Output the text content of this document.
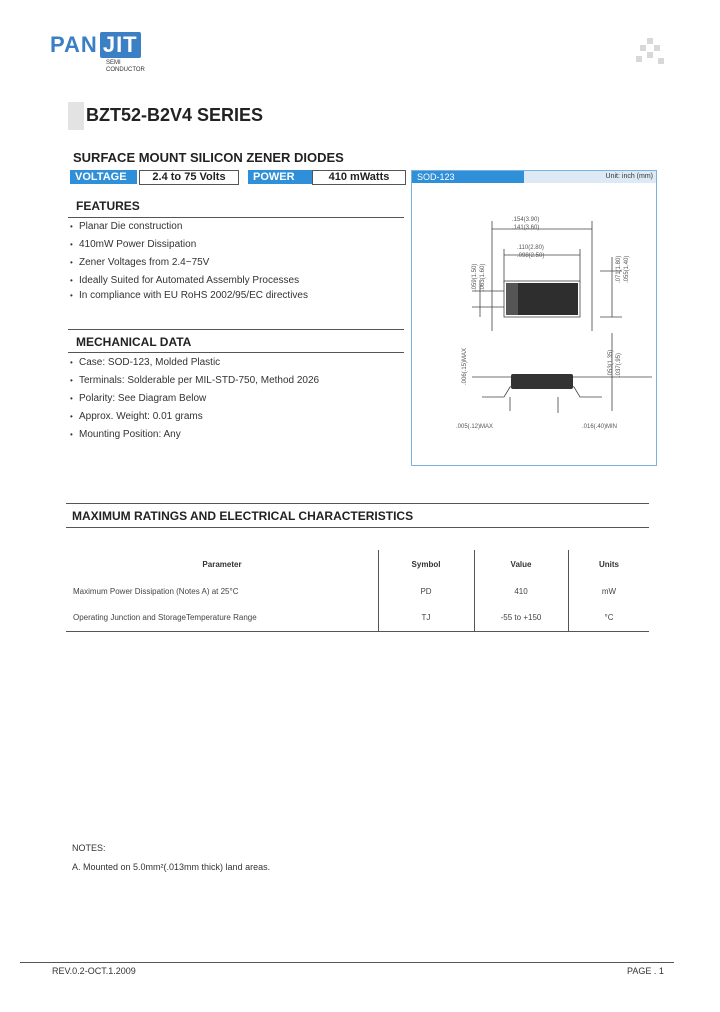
PAN JIT
SEMI
CONDUCTOR
BZT52-B2V4 SERIES
SURFACE MOUNT SILICON ZENER DIODES
VOLTAGE	2.4 to 75 Volts	POWER	410 mWatts
FEATURES
• Planar Die construction
• 410mW Power Dissipation
• Zener Voltages from 2.4~75V
• Ideally Suited for Automated Assembly Processes
• In compliance with EU RoHS 2002/95/EC directives
MECHANICAL DATA
• Case: SOD-123, Molded Plastic
• Terminals: Solderable per MIL-STD-750, Method 2026
• Polarity: See Diagram Below
• Approx. Weight: 0.01 grams
• Mounting Position: Any
SOD-123	Unit: inch (mm)
.154(3.90)
.141(3.60)
.110(2.80)
.098(2.50)
.059(1.50) .063(1.60)	.071(1.80) .055(1.40)
.006(.15)MAX	.053(1.35) .037(.95)
.005(.12)MAX	.016(.40)MIN
MAXIMUM RATINGS AND ELECTRICAL CHARACTERISTICS
Parameter	Symbol	Value	Units
Maximum Power Dissipation (Notes A) at 25°C	PD	410	mW
Operating Junction and StorageTemperature Range	TJ	-55 to +150	°C
NOTES:
A. Mounted on 5.0mm²(.013mm thick) land areas.
REV.0.2-OCT.1.2009	PAGE . 1
